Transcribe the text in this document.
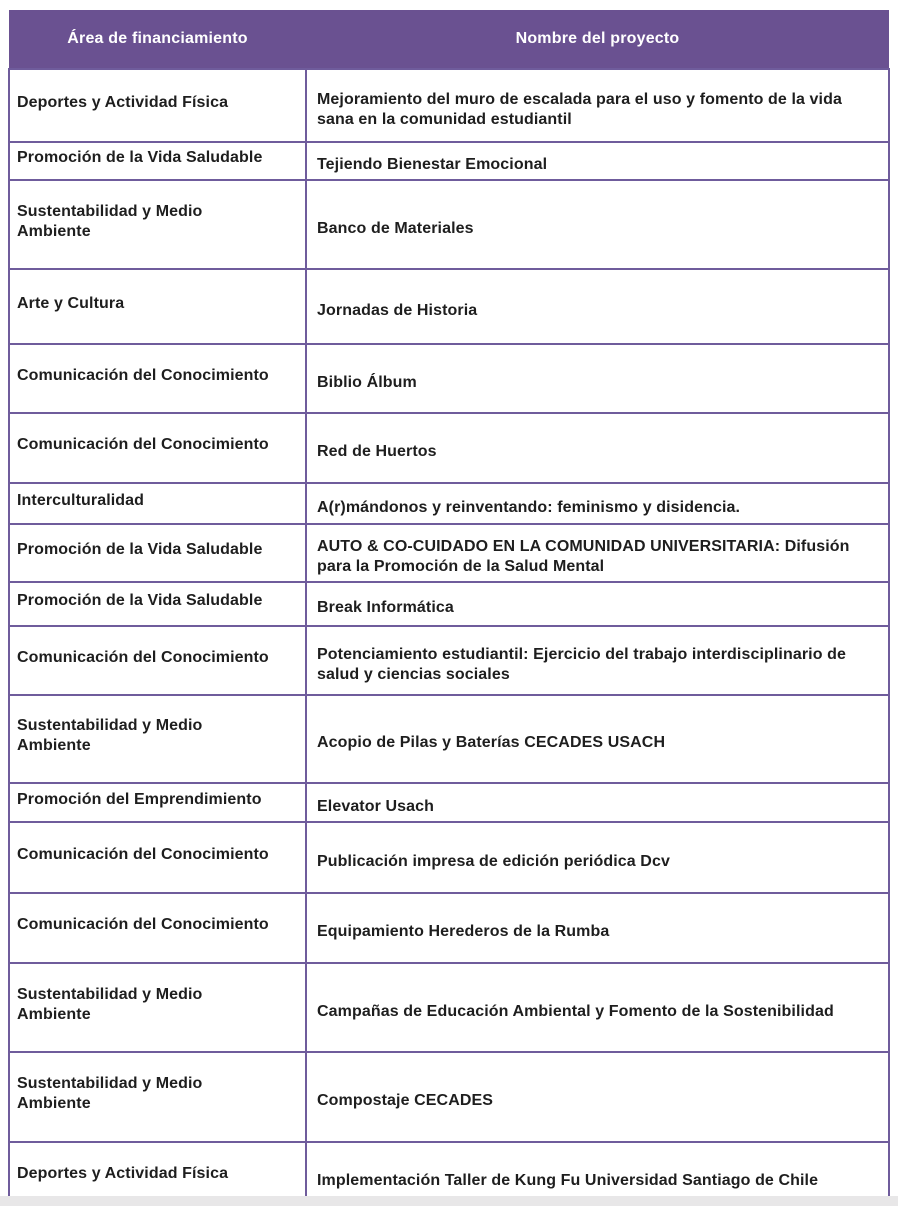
Área de financiamiento	Nombre del proyecto
Deportes y Actividad Física	Mejoramiento del muro de escalada para el uso y fomento de la vida sana en la comunidad estudiantil
Promoción de la Vida Saludable	Tejiendo Bienestar Emocional
Sustentabilidad y Medio Ambiente	Banco de Materiales
Arte y Cultura	Jornadas de Historia
Comunicación del Conocimiento	Biblio Álbum
Comunicación del Conocimiento	Red de Huertos
Interculturalidad	A(r)mándonos y reinventando: feminismo y disidencia.
Promoción de la Vida Saludable	AUTO & CO-CUIDADO EN LA COMUNIDAD UNIVERSITARIA: Difusión para la Promoción de la Salud Mental
Promoción de la Vida Saludable	Break Informática
Comunicación del Conocimiento	Potenciamiento estudiantil: Ejercicio del trabajo interdisciplinario de salud y ciencias sociales
Sustentabilidad y Medio Ambiente	Acopio de Pilas y Baterías CECADES USACH
Promoción del Emprendimiento	Elevator Usach
Comunicación del Conocimiento	Publicación impresa de edición periódica Dcv
Comunicación del Conocimiento	Equipamiento Herederos de la Rumba
Sustentabilidad y Medio Ambiente	Campañas de Educación Ambiental y Fomento de la Sostenibilidad
Sustentabilidad y Medio Ambiente	Compostaje CECADES
Deportes y Actividad Física	Implementación Taller de Kung Fu Universidad Santiago de Chile
